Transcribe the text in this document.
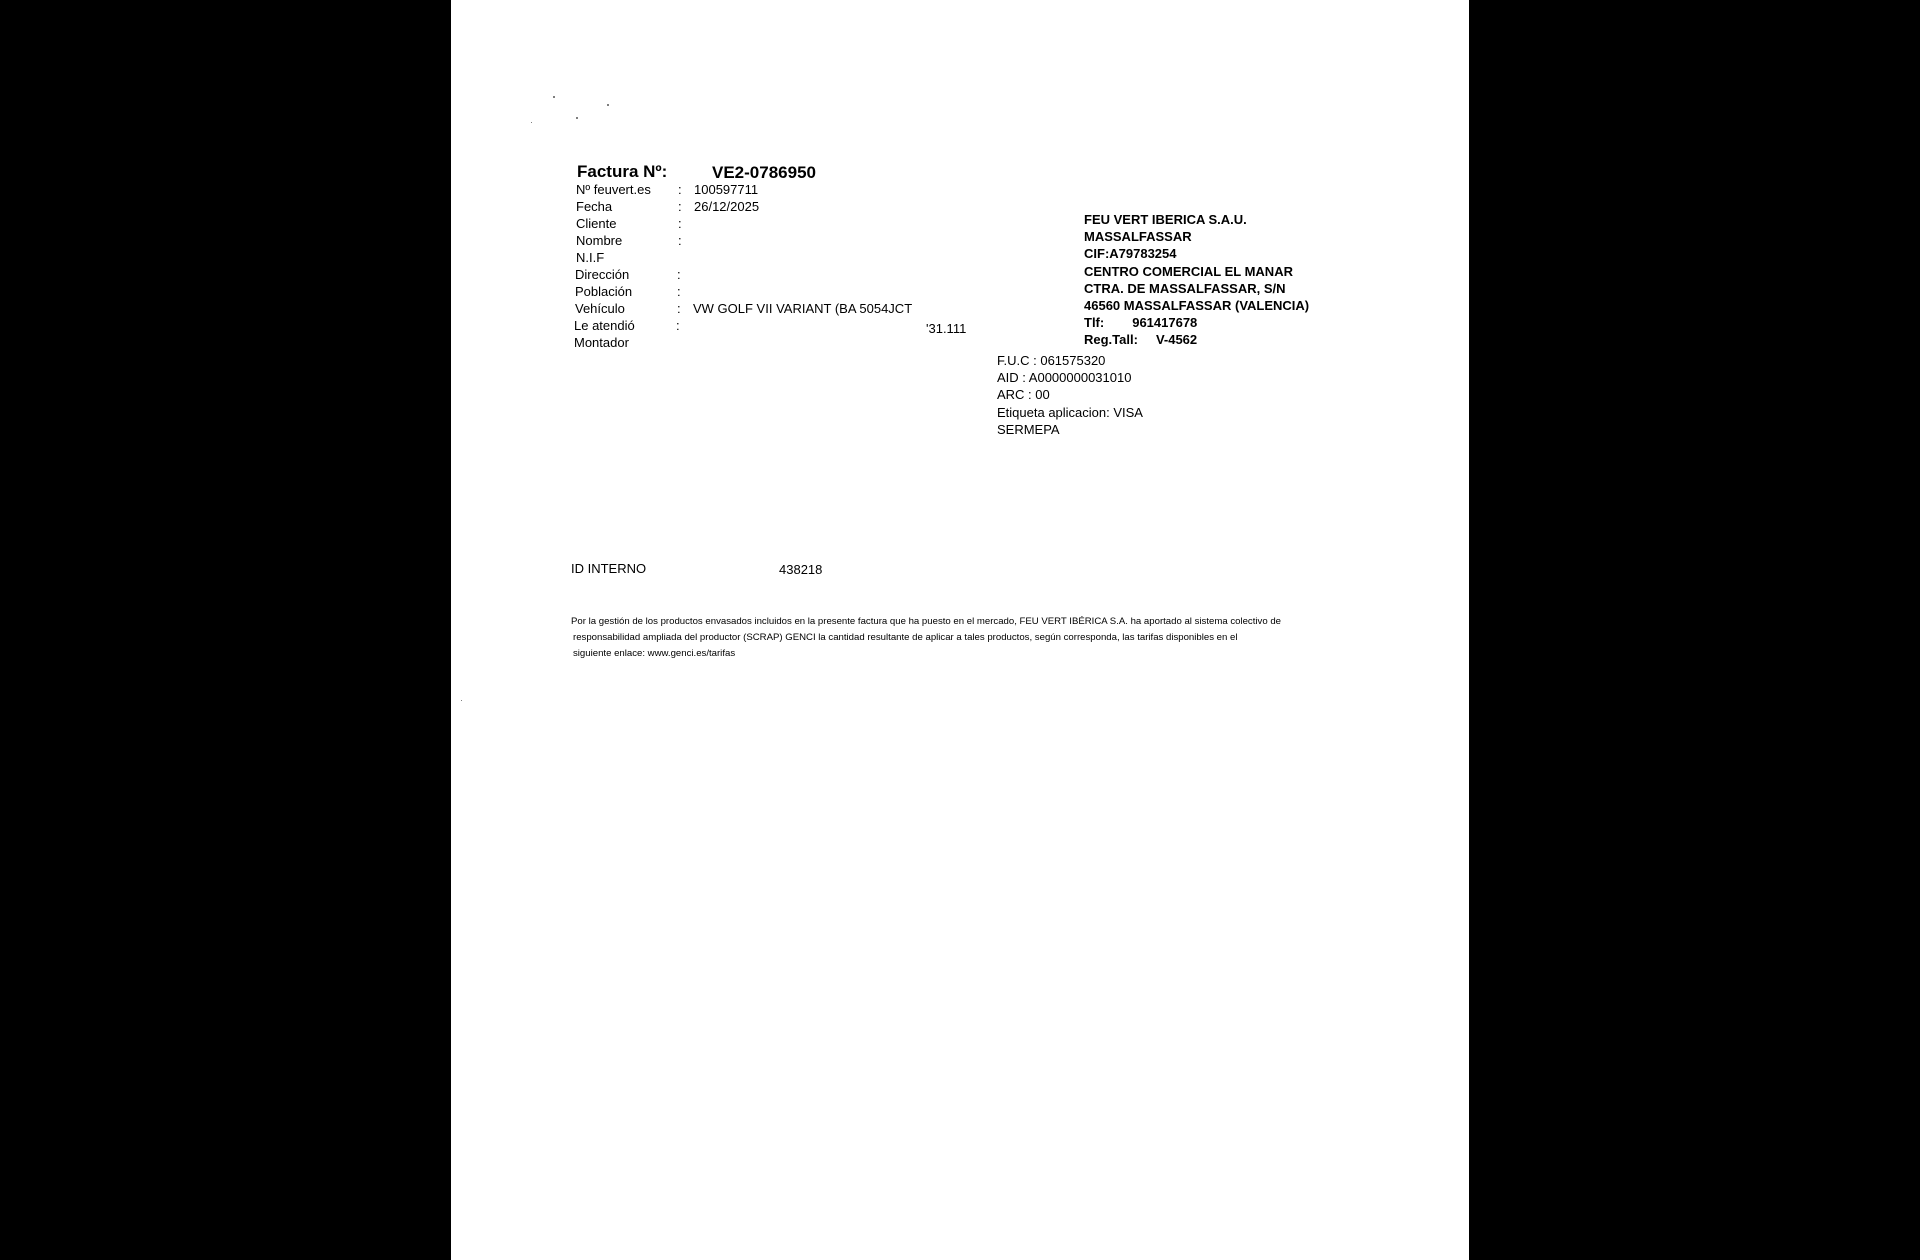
Factura Nº:	VE2-0786950
Nº feuvert.es : 100597711
Fecha	: 26/12/2025
Cliente	:
Nombre	:
N.I.F
Dirección	:
Población	:
Vehículo	: VW GOLF VII VARIANT (BA 5054JCT
Le atendió	:
Montador
'31.111
FEU VERT IBERICA S.A.U.
MASSALFASSAR
CIF:A79783254
CENTRO COMERCIAL EL MANAR
CTRA. DE MASSALFASSAR, S/N
46560 MASSALFASSAR (VALENCIA)
Tlf: 961417678
Reg.Tall: V-4562
F.U.C : 061575320
AID : A0000000031010
ARC : 00
Etiqueta aplicacion: VISA
SERMEPA
ID INTERNO	438218
Por la gestión de los productos envasados incluidos en la presente factura que ha puesto en el mercado, FEU VERT IBÉRICA S.A. ha aportado al sistema colectivo de
responsabilidad ampliada del productor (SCRAP) GENCI la cantidad resultante de aplicar a tales productos, según corresponda, las tarifas disponibles en el
siguiente enlace: www.genci.es/tarifas
